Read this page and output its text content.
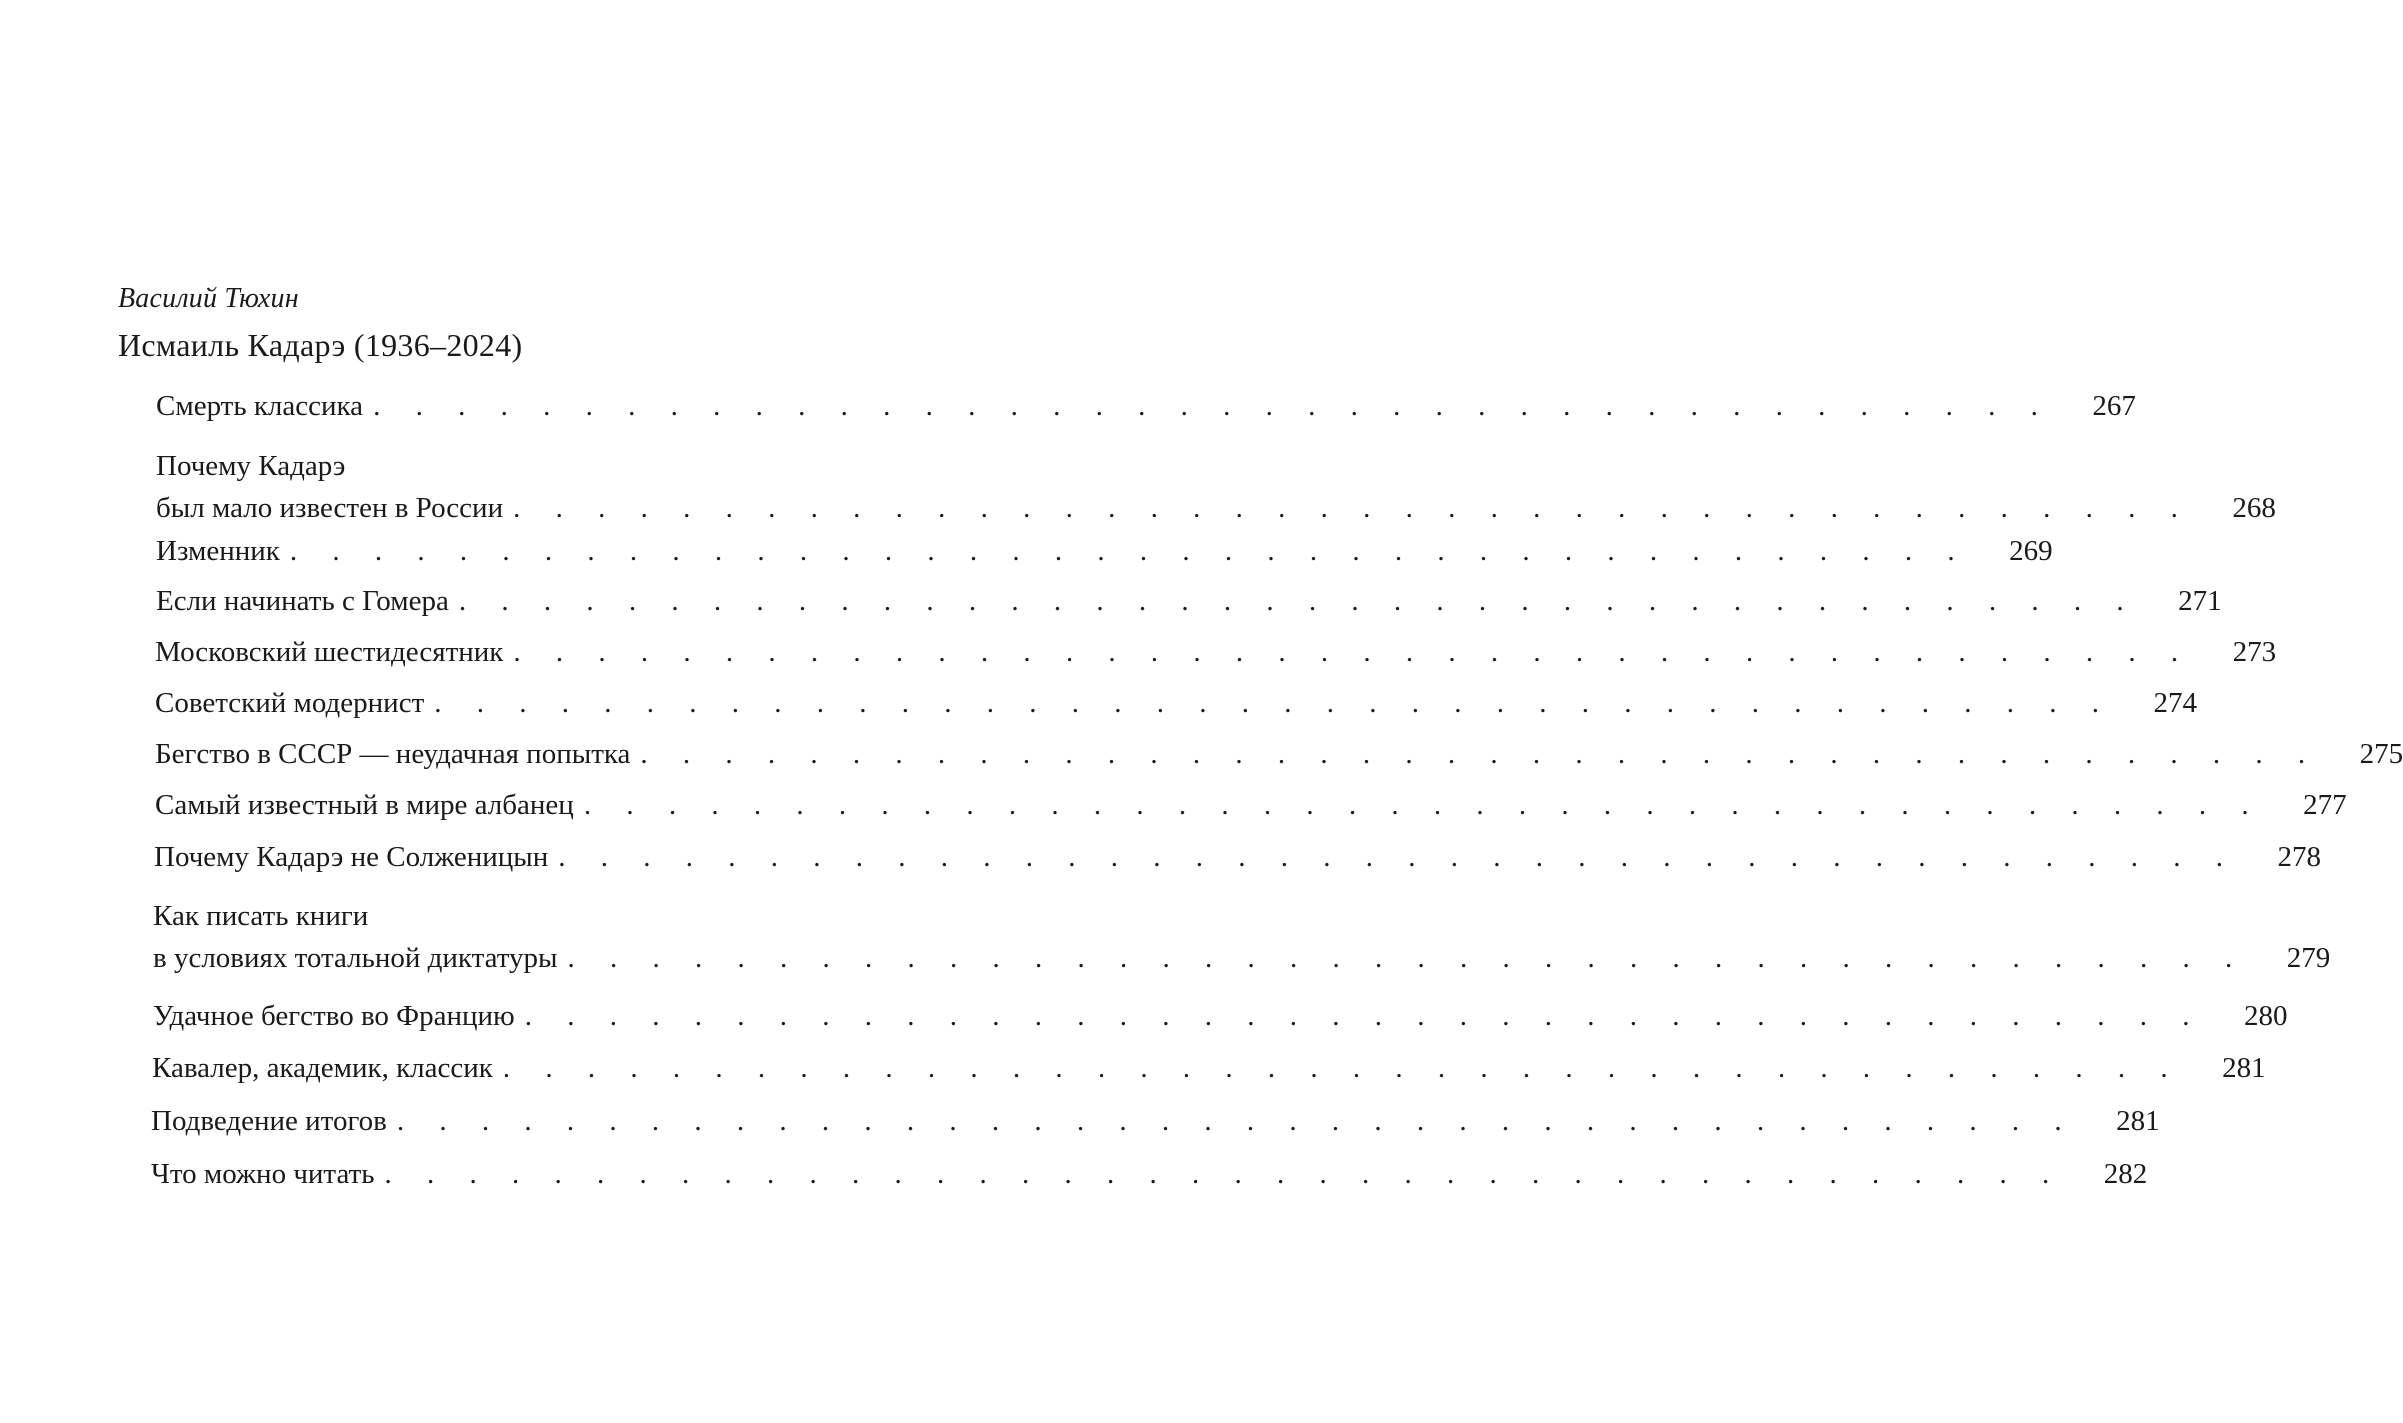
Василий Тюхин
Исмаиль Кадарэ (1936–2024)
Смерть классика . . . . . . . . . . . . . . . . . . . . . . . . . . . . . . . . . . . . . . . .	267
Почему Кадарэ
был мало известен в России . . . . . . . . . . . . . . . . . . . . . . . . . . . . . . . . . . . . . . . .	268
Изменник . . . . . . . . . . . . . . . . . . . . . . . . . . . . . . . . . . . . . . . .	269
Если начинать с Гомера . . . . . . . . . . . . . . . . . . . . . . . . . . . . . . . . . . . . . . . .	271
Московский шестидесятник . . . . . . . . . . . . . . . . . . . . . . . . . . . . . . . . . . . . . . . .	273
Советский модернист . . . . . . . . . . . . . . . . . . . . . . . . . . . . . . . . . . . . . . . .	274
Бегство в СССР — неудачная попытка . . . . . . . . . . . . . . . . . . . . . . . . . . . . . . . . . . . . . . . .	275
Самый известный в мире албанец . . . . . . . . . . . . . . . . . . . . . . . . . . . . . . . . . . . . . . . .	277
Почему Кадарэ не Солженицын . . . . . . . . . . . . . . . . . . . . . . . . . . . . . . . . . . . . . . . .	278
Как писать книги
в условиях тотальной диктатуры . . . . . . . . . . . . . . . . . . . . . . . . . . . . . . . . . . . . . . . .	279
Удачное бегство во Францию . . . . . . . . . . . . . . . . . . . . . . . . . . . . . . . . . . . . . . . .	280
Кавалер, академик, классик . . . . . . . . . . . . . . . . . . . . . . . . . . . . . . . . . . . . . . . .	281
Подведение итогов . . . . . . . . . . . . . . . . . . . . . . . . . . . . . . . . . . . . . . . .	281
Что можно читать . . . . . . . . . . . . . . . . . . . . . . . . . . . . . . . . . . . . . . . .	282
